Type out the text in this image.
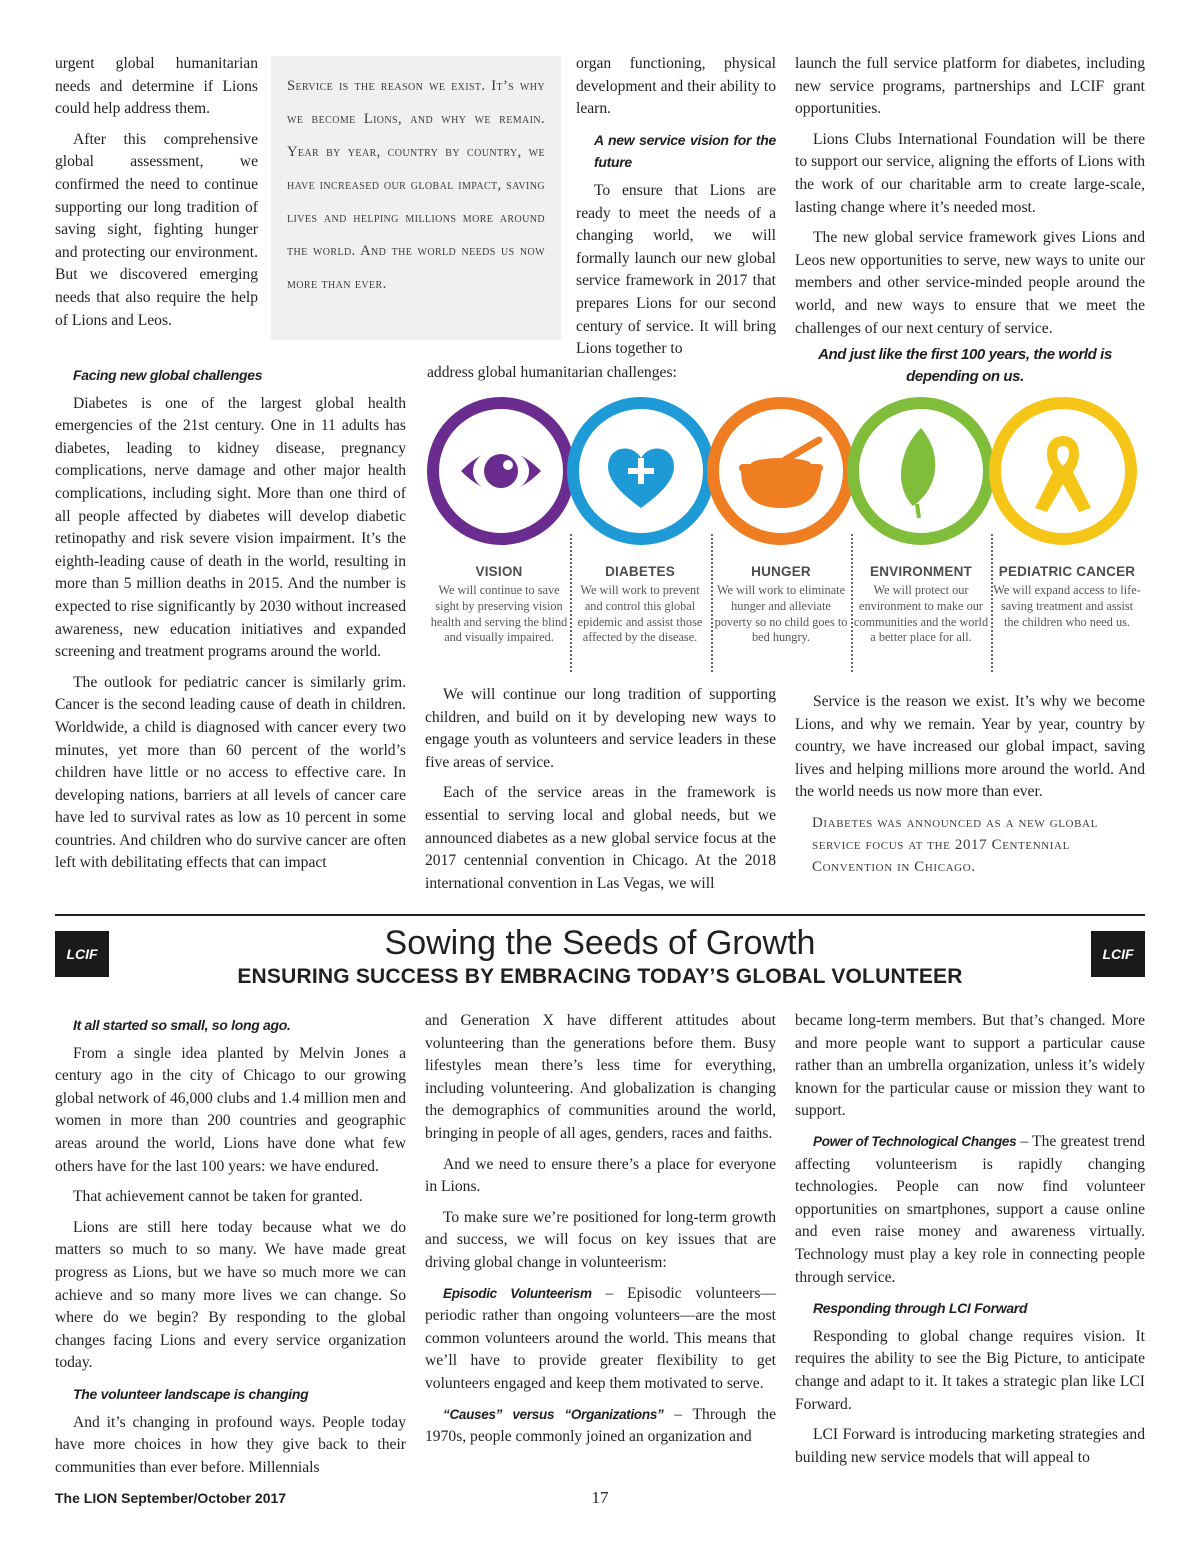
urgent global humanitarian needs and determine if Lions could help address them.

After this comprehensive global assessment, we confirmed the need to continue supporting our long tradition of saving sight, fighting hunger and protecting our environment. But we discovered emerging needs that also require the help of Lions and Leos.

Service is the reason we exist. It’s why we become Lions, and why we remain. Year by year, country by country, we have increased our global impact, saving lives and helping millions more around the world. And the world needs us now more than ever.
Facing new global challenges

Diabetes is one of the largest global health emergencies of the 21st century. One in 11 adults has diabetes, leading to kidney disease, pregnancy complications, nerve damage and other major health complications, including sight. More than one third of all people affected by diabetes will develop diabetic retinopathy and risk severe vision impairment. It’s the eighth-leading cause of death in the world, resulting in more than 5 million deaths in 2015. And the number is expected to rise significantly by 2030 without increased awareness, new education initiatives and expanded screening and treatment programs around the world.

The outlook for pediatric cancer is similarly grim. Cancer is the second leading cause of death in children. Worldwide, a child is diagnosed with cancer every two minutes, yet more than 60 percent of the world’s children have little or no access to effective care. In developing nations, barriers at all levels of cancer care have led to survival rates as low as 10 percent in some countries. And children who do survive cancer are often left with debilitating effects that can impact

organ functioning, physical development and their ability to learn.

A new service vision for the future

To ensure that Lions are ready to meet the needs of a changing world, we will formally launch our new global service framework in 2017 that prepares Lions for our second century of service. It will bring Lions together to

address global humanitarian challenges:

launch the full service platform for diabetes, including new service programs, partnerships and LCIF grant opportunities.

Lions Clubs International Foundation will be there to support our service, aligning the efforts of Lions with the work of our charitable arm to create large-scale, lasting change where it’s needed most.

The new global service framework gives Lions and Leos new opportunities to serve, new ways to unite our members and other service-minded people around the world, and new ways to ensure that we meet the challenges of our next century of service.

And just like the first 100 years, the world is depending on us.
VISION
We will continue to save sight by preserving vision health and serving the blind and visually impaired.
DIABETES
We will work to prevent and control this global epidemic and assist those affected by the disease.
HUNGER
We will work to eliminate hunger and alleviate poverty so no child goes to bed hungry.
ENVIRONMENT
We will protect our environment to make our communities and the world a better place for all.
PEDIATRIC CANCER
We will expand access to life-saving treatment and assist the children who need us.

We will continue our long tradition of supporting children, and build on it by developing new ways to engage youth as volunteers and service leaders in these five areas of service.

Each of the service areas in the framework is essential to serving local and global needs, but we announced diabetes as a new global service focus at the 2017 centennial convention in Chicago. At the 2018 international convention in Las Vegas, we will

Service is the reason we exist. It’s why we become Lions, and why we remain. Year by year, country by country, we have increased our global impact, saving lives and helping millions more around the world. And the world needs us now more than ever.

Diabetes was announced as a new global service focus at the 2017 Centennial Convention in Chicago.
LCIF	LCIF
Sowing the Seeds of Growth
ENSURING SUCCESS BY EMBRACING TODAY’S GLOBAL VOLUNTEER
It all started so small, so long ago.

From a single idea planted by Melvin Jones a century ago in the city of Chicago to our growing global network of 46,000 clubs and 1.4 million men and women in more than 200 countries and geographic areas around the world, Lions have done what few others have for the last 100 years: we have endured.

That achievement cannot be taken for granted.

Lions are still here today because what we do matters so much to so many. We have made great progress as Lions, but we have so much more we can achieve and so many more lives we can change. So where do we begin? By responding to the global changes facing Lions and every service organization today.

The volunteer landscape is changing

And it’s changing in profound ways. People today have more choices in how they give back to their communities than ever before. Millennials

and Generation X have different attitudes about volunteering than the generations before them. Busy lifestyles mean there’s less time for everything, including volunteering. And globalization is changing the demographics of communities around the world, bringing in people of all ages, genders, races and faiths.

And we need to ensure there’s a place for everyone in Lions.

To make sure we’re positioned for long-term growth and success, we will focus on key issues that are driving global change in volunteerism:

Episodic Volunteerism – Episodic volunteers—periodic rather than ongoing volunteers—are the most common volunteers around the world. This means that we’ll have to provide greater flexibility to get volunteers engaged and keep them motivated to serve.

“Causes” versus “Organizations” – Through the 1970s, people commonly joined an organization and

became long-term members. But that’s changed. More and more people want to support a particular cause rather than an umbrella organization, unless it’s widely known for the particular cause or mission they want to support.

Power of Technological Changes – The greatest trend affecting volunteerism is rapidly changing technologies. People can now find volunteer opportunities on smartphones, support a cause online and even raise money and awareness virtually. Technology must play a key role in connecting people through service.

Responding through LCI Forward

Responding to global change requires vision. It requires the ability to see the Big Picture, to anticipate change and adapt to it. It takes a strategic plan like LCI Forward.

LCI Forward is introducing marketing strategies and building new service models that will appeal to

The LION September/October 2017	17
